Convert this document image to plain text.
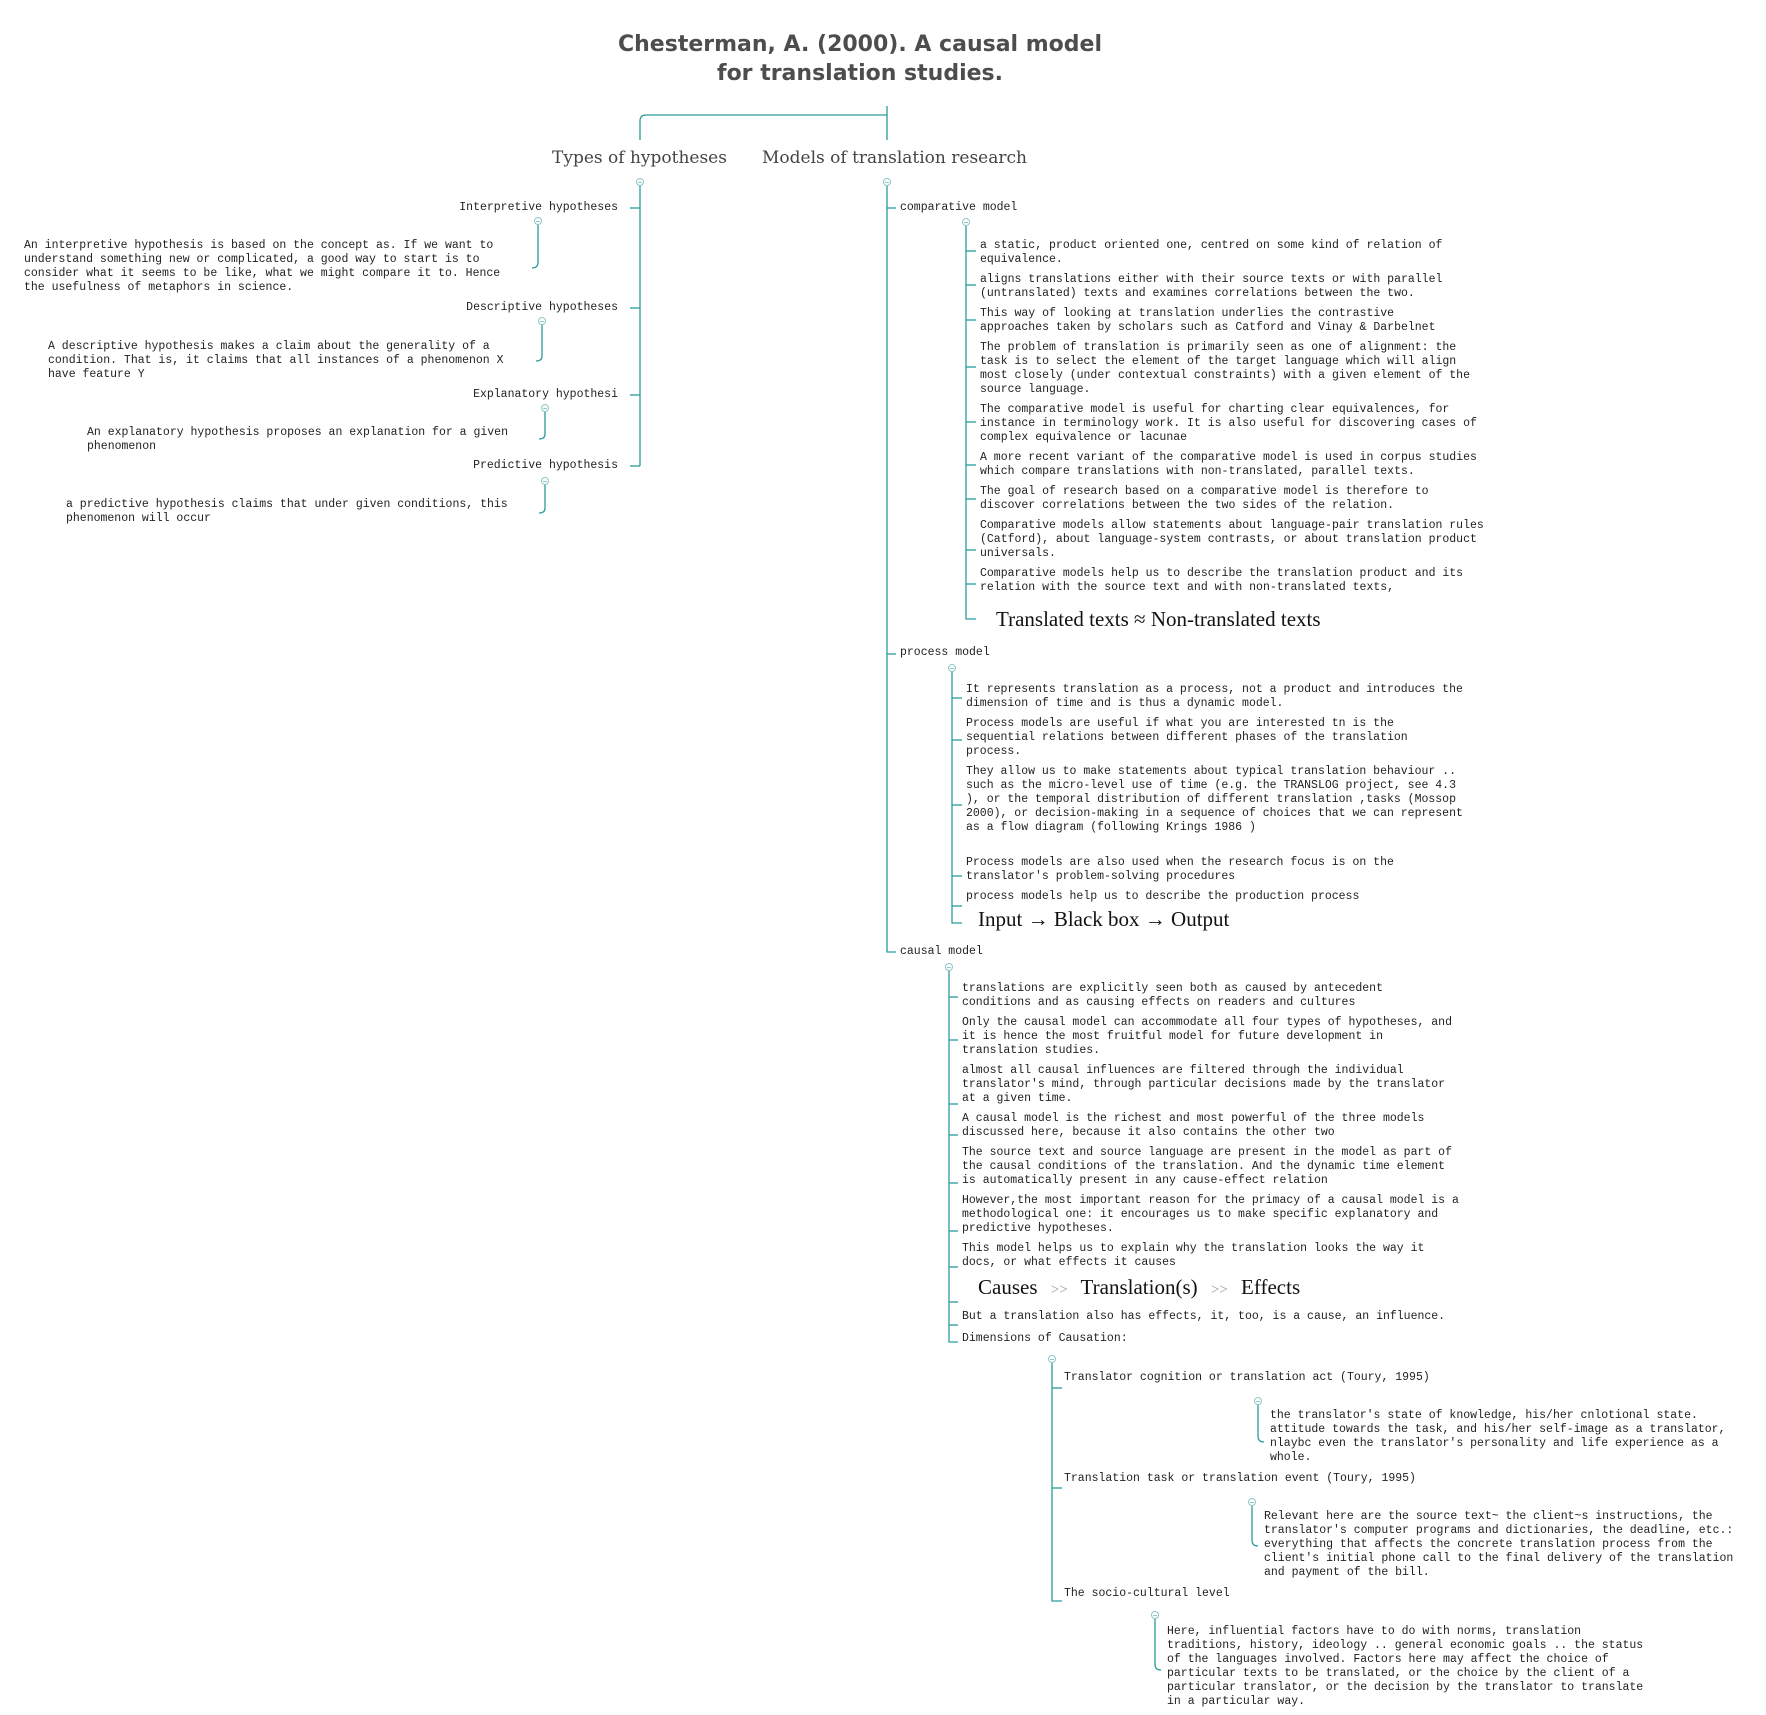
Chesterman, A. (2000). A causal model for translation studies.
Types of hypotheses Models of translation research
Interpretive hypotheses
An interpretive hypothesis is based on the concept as. If we want to understand something new or complicated, a good way to start is to consider what it seems to be like, what we might compare it to. Hence the usefulness of metaphors in science.
Descriptive hypotheses
A descriptive hypothesis makes a claim about the generality of a condition. That is, it claims that all instances of a phenomenon X have feature Y
Explanatory hypothesi
An explanatory hypothesis proposes an explanation for a given phenomenon
Predictive hypothesis
a predictive hypothesis claims that under given conditions, this phenomenon will occur
comparative model
a static, product oriented one, centred on some kind of relation of equivalence.
aligns translations either with their source texts or with parallel (untranslated) texts and examines correlations between the two.
This way of looking at translation underlies the contrastive approaches taken by scholars such as Catford and Vinay & Darbelnet
The problem of translation is primarily seen as one of alignment: the task is to select the element of the target language which will align most closely (under contextual constraints) with a given element of the source language.
The comparative model is useful for charting clear equivalences, for instance in terminology work. It is also useful for discovering cases of complex equivalence or lacunae
A more recent variant of the comparative model is used in corpus studies which compare translations with non-translated, parallel texts.
The goal of research based on a comparative model is therefore to discover correlations between the two sides of the relation.
Comparative models allow statements about language-pair translation rules (Catford), about language-system contrasts, or about translation product universals.
Comparative models help us to describe the translation product and its relation with the source text and with non-translated texts,
Translated texts ≈ Non-translated texts
process model
It represents translation as a process, not a product and introduces the dimension of time and is thus a dynamic model.
Process models are useful if what you are interested tn is the sequential relations between different phases of the translation process.
They allow us to make statements about typical translation behaviour .. such as the micro-level use of time (e.g. the TRANSLOG project, see 4.3 ), or the temporal distribution of different translation ,tasks (Mossop 2000), or decision-making in a sequence of choices that we can represent as a flow diagram (following Krings 1986 )
Process models are also used when the research focus is on the translator's problem-solving procedures
process models help us to describe the production process
Input → Black box → Output
causal model
translations are explicitly seen both as caused by antecedent conditions and as causing effects on readers and cultures
Only the causal model can accommodate all four types of hypotheses, and it is hence the most fruitful model for future development in translation studies.
almost all causal influences are filtered through the individual translator's mind, through particular decisions made by the translator at a given time.
A causal model is the richest and most powerful of the three models discussed here, because it also contains the other two
The source text and source language are present in the model as part of the causal conditions of the translation. And the dynamic time element is automatically present in any cause-effect relation
However,the most important reason for the primacy of a causal model is a methodological one: it encourages us to make specific explanatory and predictive hypotheses.
This model helps us to explain why the translation looks the way it docs, or what effects it causes
Causes >> Translation(s) >> Effects
But a translation also has effects, it, too, is a cause, an influence.
Dimensions of Causation:
Translator cognition or translation act (Toury, 1995)
the translator's state of knowledge, his/her cnlotional state. attitude towards the task, and his/her self-image as a translator, nlaybc even the translator's personality and life experience as a whole.
Translation task or translation event (Toury, 1995)
Relevant here are the source text~ the client~s instructions, the translator's computer programs and dictionaries, the deadline, etc.: everything that affects the concrete translation process from the client's initial phone call to the final delivery of the translation and payment of the bill.
The socio-cultural level
Here, influential factors have to do with norms, translation traditions, history, ideology .. general economic goals .. the status of the languages involved. Factors here may affect the choice of particular texts to be translated, or the choice by the client of a particular translator, or the decision by the translator to translate in a particular way.
